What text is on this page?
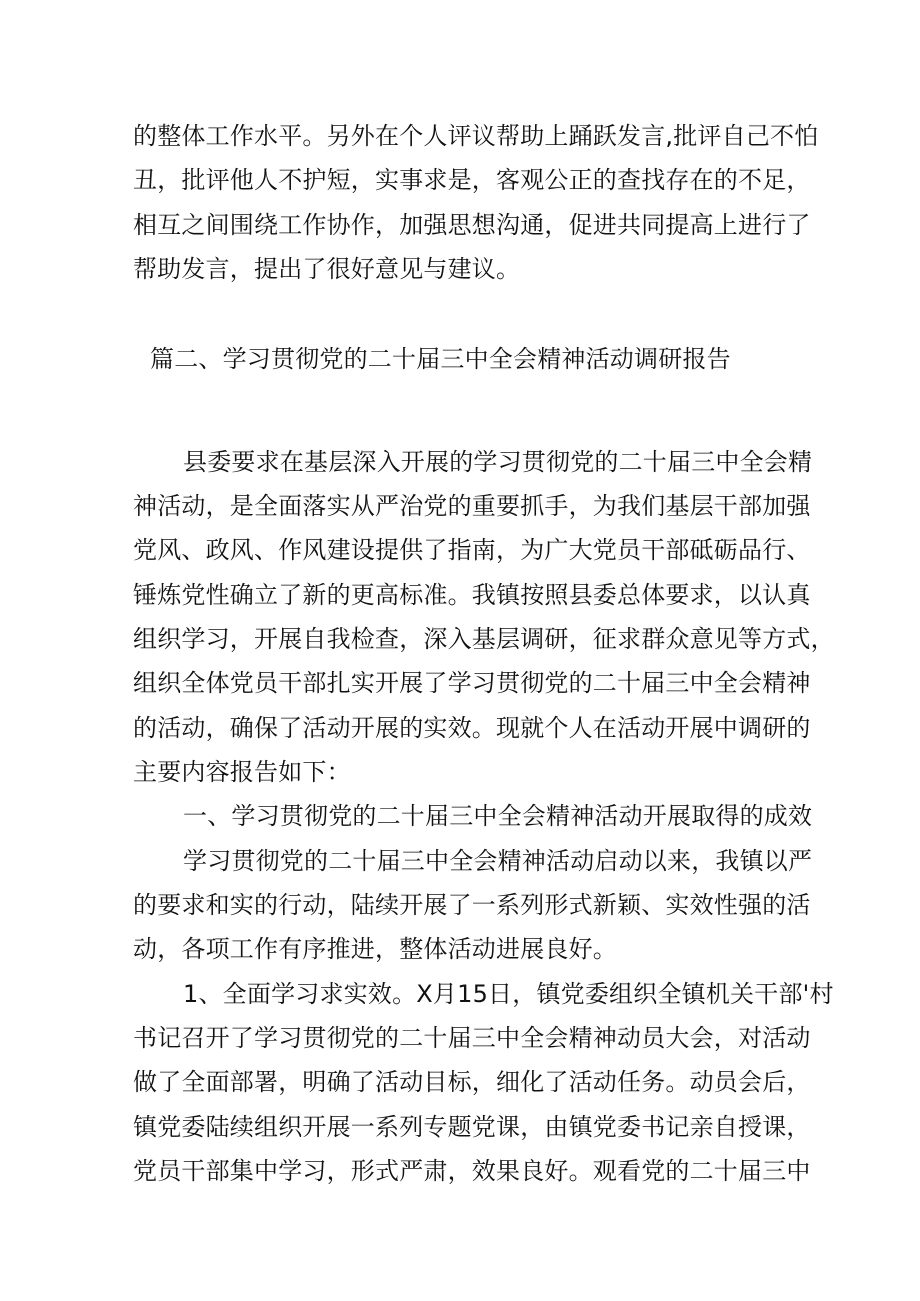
的整体工作水平。另外在个人评议帮助上踊跃发言,批评自己不怕
丑，批评他人不护短，实事求是，客观公正的查找存在的不足，
相互之间围绕工作协作，加强思想沟通，促进共同提高上进行了
帮助发言，提出了很好意见与建议。
篇二、学习贯彻党的二十届三中全会精神活动调研报告
县委要求在基层深入开展的学习贯彻党的二十届三中全会精
神活动，是全面落实从严治党的重要抓手，为我们基层干部加强
党风、政风、作风建设提供了指南，为广大党员干部砥砺品行、
锤炼党性确立了新的更高标准。我镇按照县委总体要求，以认真
组织学习，开展自我检查，深入基层调研，征求群众意见等方式，
组织全体党员干部扎实开展了学习贯彻党的二十届三中全会精神
的活动，确保了活动开展的实效。现就个人在活动开展中调研的
主要内容报告如下：
一、学习贯彻党的二十届三中全会精神活动开展取得的成效
学习贯彻党的二十届三中全会精神活动启动以来，我镇以严
的要求和实的行动，陆续开展了一系列形式新颖、实效性强的活
动，各项工作有序推进，整体活动进展良好。
1、全面学习求实效。X月15日，镇党委组织全镇机关干部'村
书记召开了学习贯彻党的二十届三中全会精神动员大会，对活动
做了全面部署，明确了活动目标，细化了活动任务。动员会后，
镇党委陆续组织开展一系列专题党课，由镇党委书记亲自授课，
党员干部集中学习，形式严肃，效果良好。观看党的二十届三中
